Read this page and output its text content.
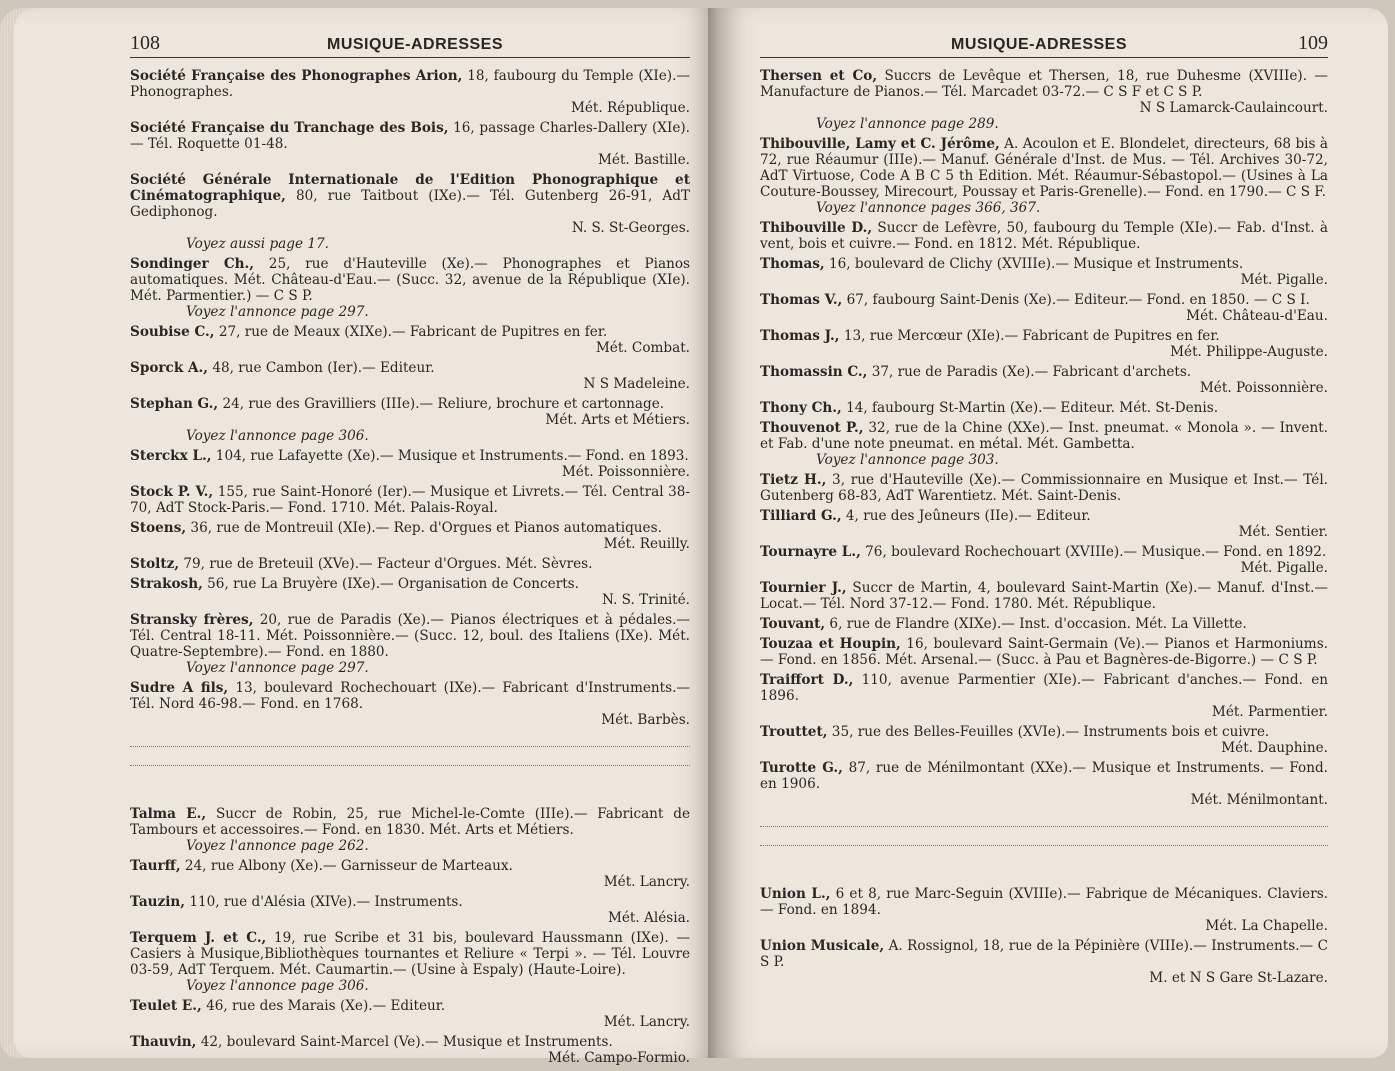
108	MUSIQUE-ADRESSES
Société Française des Phonographes Arion, 18, faubourg du Temple (XIe).— Phonographes.
Mét. République.
Société Française du Tranchage des Bois, 16, passage Charles-Dallery (XIe).— Tél. Roquette 01-48.
Mét. Bastille.
Société Générale Internationale de l'Edition Phonographique et Cinématographique, 80, rue Taitbout (IXe).— Tél. Gutenberg 26-91, AdT Gediphonog.
N. S. St-Georges.
Voyez aussi page 17.
Sondinger Ch., 25, rue d'Hauteville (Xe).— Phonographes et Pianos automatiques. Mét. Château-d'Eau.— (Succ. 32, avenue de la République (XIe). Mét. Parmentier.) — C S P.
Voyez l'annonce page 297.
Soubise C., 27, rue de Meaux (XIXe).— Fabricant de Pupitres en fer.
Mét. Combat.
Sporck A., 48, rue Cambon (Ier).— Editeur.
N S Madeleine.
Stephan G., 24, rue des Gravilliers (IIIe).— Reliure, brochure et cartonnage.
Mét. Arts et Métiers.
Voyez l'annonce page 306.
Sterckx L., 104, rue Lafayette (Xe).— Musique et Instruments.— Fond. en 1893.
Mét. Poissonnière.
Stock P. V., 155, rue Saint-Honoré (Ier).— Musique et Livrets.— Tél. Central 38-70, AdT Stock-Paris.— Fond. 1710. Mét. Palais-Royal.
Stoens, 36, rue de Montreuil (XIe).— Rep. d'Orgues et Pianos automatiques.
Mét. Reuilly.
Stoltz, 79, rue de Breteuil (XVe).— Facteur d'Orgues. Mét. Sèvres.
Strakosh, 56, rue La Bruyère (IXe).— Organisation de Concerts.
N. S. Trinité.
Stransky frères, 20, rue de Paradis (Xe).— Pianos électriques et à pédales.— Tél. Central 18-11. Mét. Poissonnière.— (Succ. 12, boul. des Italiens (IXe). Mét. Quatre-Septembre).— Fond. en 1880.
Voyez l'annonce page 297.
Sudre A fils, 13, boulevard Rochechouart (IXe).— Fabricant d'Instruments.— Tél. Nord 46-98.— Fond. en 1768.
Mét. Barbès.
Talma E., Succr de Robin, 25, rue Michel-le-Comte (IIIe).— Fabricant de Tambours et accessoires.— Fond. en 1830. Mét. Arts et Métiers.
Voyez l'annonce page 262.
Taurff, 24, rue Albony (Xe).— Garnisseur de Marteaux.
Mét. Lancry.
Tauzin, 110, rue d'Alésia (XIVe).— Instruments.
Mét. Alésia.
Terquem J. et C., 19, rue Scribe et 31 bis, boulevard Haussmann (IXe). — Casiers à Musique,Bibliothèques tournantes et Reliure « Terpi ». — Tél. Louvre 03-59, AdT Terquem. Mét. Caumartin.— (Usine à Espaly) (Haute-Loire).
Voyez l'annonce page 306.
Teulet E., 46, rue des Marais (Xe).— Editeur.
Mét. Lancry.
Thauvin, 42, boulevard Saint-Marcel (Ve).— Musique et Instruments.
Mét. Campo-Formio.
MUSIQUE-ADRESSES	109
Thersen et Co, Succrs de Levêque et Thersen, 18, rue Duhesme (XVIIIe). — Manufacture de Pianos.— Tél. Marcadet 03-72.— C S F et C S P.
N S Lamarck-Caulaincourt.
Voyez l'annonce page 289.
Thibouville, Lamy et C. Jérôme, A. Acoulon et E. Blondelet, directeurs, 68 bis à 72, rue Réaumur (IIIe).— Manuf. Générale d'Inst. de Mus. — Tél. Archives 30-72, AdT Virtuose, Code A B C 5 th Edition. Mét. Réaumur-Sébastopol.— (Usines à La Couture-Boussey, Mirecourt, Poussay et Paris-Grenelle).— Fond. en 1790.— C S F.
Voyez l'annonce pages 366, 367.
Thibouville D., Succr de Lefèvre, 50, faubourg du Temple (XIe).— Fab. d'Inst. à vent, bois et cuivre.— Fond. en 1812. Mét. République.
Thomas, 16, boulevard de Clichy (XVIIIe).— Musique et Instruments.
Mét. Pigalle.
Thomas V., 67, faubourg Saint-Denis (Xe).— Editeur.— Fond. en 1850. — C S I.
Mét. Château-d'Eau.
Thomas J., 13, rue Mercœur (XIe).— Fabricant de Pupitres en fer.
Mét. Philippe-Auguste.
Thomassin C., 37, rue de Paradis (Xe).— Fabricant d'archets.
Mét. Poissonnière.
Thony Ch., 14, faubourg St-Martin (Xe).— Editeur. Mét. St-Denis.
Thouvenot P., 32, rue de la Chine (XXe).— Inst. pneumat. « Monola ». — Invent. et Fab. d'une note pneumat. en métal. Mét. Gambetta.
Voyez l'annonce page 303.
Tietz H., 3, rue d'Hauteville (Xe).— Commissionnaire en Musique et Inst.— Tél. Gutenberg 68-83, AdT Warentietz. Mét. Saint-Denis.
Tilliard G., 4, rue des Jeûneurs (IIe).— Editeur.
Mét. Sentier.
Tournayre L., 76, boulevard Rochechouart (XVIIIe).— Musique.— Fond. en 1892.
Mét. Pigalle.
Tournier J., Succr de Martin, 4, boulevard Saint-Martin (Xe).— Manuf. d'Inst.— Locat.— Tél. Nord 37-12.— Fond. 1780. Mét. République.
Touvant, 6, rue de Flandre (XIXe).— Inst. d'occasion. Mét. La Villette.
Touzaa et Houpin, 16, boulevard Saint-Germain (Ve).— Pianos et Harmoniums.— Fond. en 1856. Mét. Arsenal.— (Succ. à Pau et Bagnères-de-Bigorre.) — C S P.
Traiffort D., 110, avenue Parmentier (XIe).— Fabricant d'anches.— Fond. en 1896.
Mét. Parmentier.
Trouttet, 35, rue des Belles-Feuilles (XVIe).— Instruments bois et cuivre.
Mét. Dauphine.
Turotte G., 87, rue de Ménilmontant (XXe).— Musique et Instruments. — Fond. en 1906.
Mét. Ménilmontant.
Union L., 6 et 8, rue Marc-Seguin (XVIIIe).— Fabrique de Mécaniques. Claviers.— Fond. en 1894.
Mét. La Chapelle.
Union Musicale, A. Rossignol, 18, rue de la Pépinière (VIIIe).— Instruments.— C S P.
M. et N S Gare St-Lazare.
